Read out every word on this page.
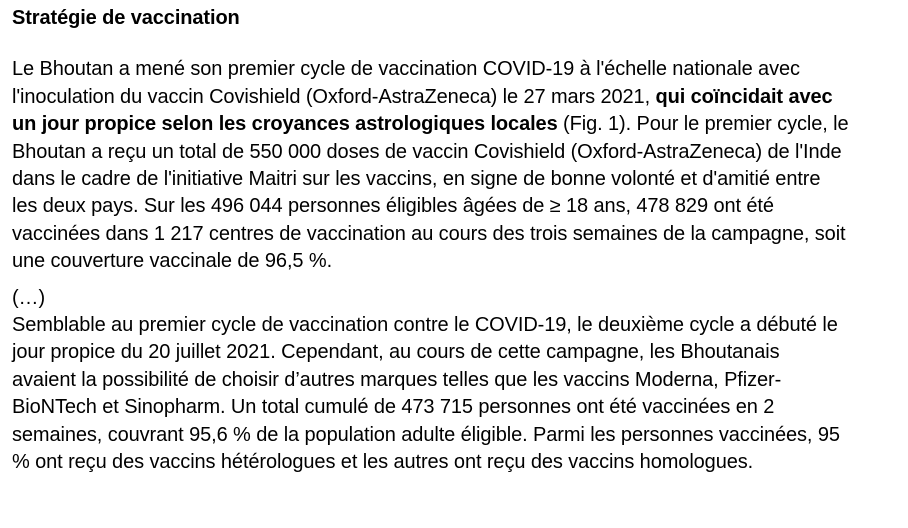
Stratégie de vaccination
Le Bhoutan a mené son premier cycle de vaccination COVID-19 à l'échelle nationale avec
l'inoculation du vaccin Covishield (Oxford-AstraZeneca) le 27 mars 2021, qui coïncidait avec
un jour propice selon les croyances astrologiques locales (Fig. 1). Pour le premier cycle, le
Bhoutan a reçu un total de 550 000 doses de vaccin Covishield (Oxford-AstraZeneca) de l'Inde
dans le cadre de l'initiative Maitri sur les vaccins, en signe de bonne volonté et d'amitié entre
les deux pays. Sur les 496 044 personnes éligibles âgées de ≥ 18 ans, 478 829 ont été
vaccinées dans 1 217 centres de vaccination au cours des trois semaines de la campagne, soit
une couverture vaccinale de 96,5 %.
(…)
Semblable au premier cycle de vaccination contre le COVID-19, le deuxième cycle a débuté le
jour propice du 20 juillet 2021. Cependant, au cours de cette campagne, les Bhoutanais
avaient la possibilité de choisir d’autres marques telles que les vaccins Moderna, Pfizer-
BioNTech et Sinopharm. Un total cumulé de 473 715 personnes ont été vaccinées en 2
semaines, couvrant 95,6 % de la population adulte éligible. Parmi les personnes vaccinées, 95
% ont reçu des vaccins hétérologues et les autres ont reçu des vaccins homologues.
